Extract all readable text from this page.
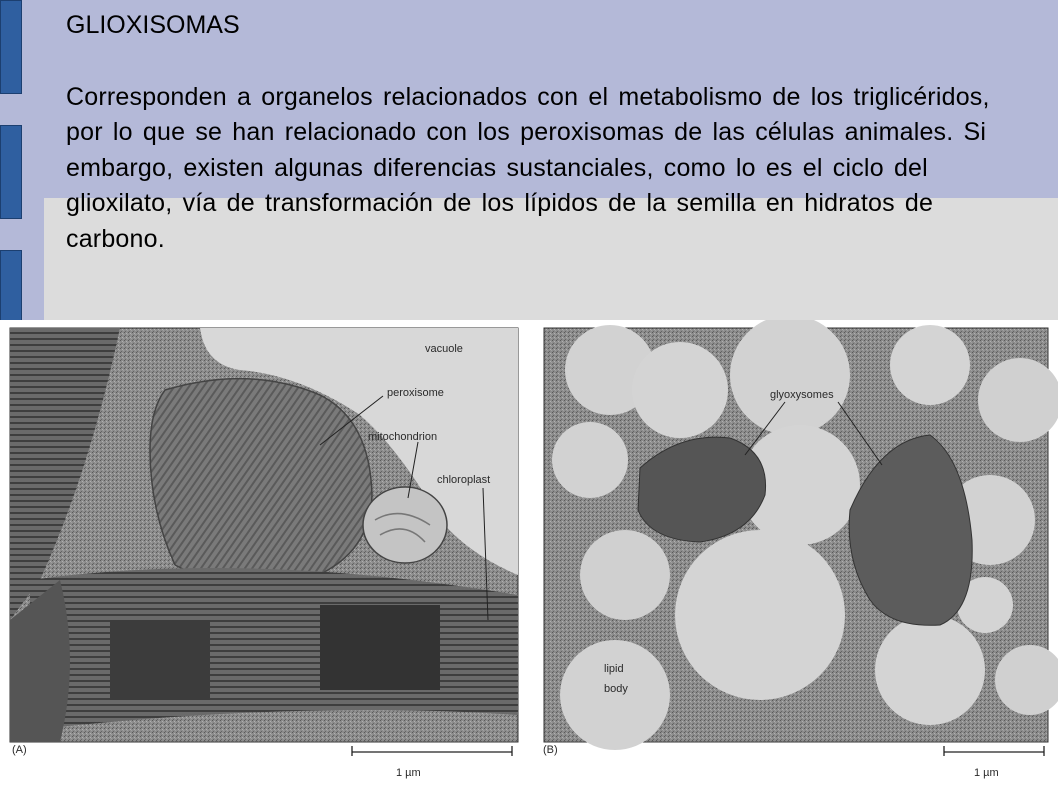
GLIOXISOMAS

Corresponden a organelos relacionados con el metabolismo de los triglicéridos, por lo que se han relacionado con los peroxisomas de las células animales. Si embargo, existen algunas diferencias sustanciales, como lo es el ciclo del glioxilato, vía de transformación de los lípidos de la semilla en hidratos de carbono.

vacuole
peroxisome
mitochondrion
chloroplast
glyoxysomes
lipid
body
(A)
1 µm
(B)
1 µm
